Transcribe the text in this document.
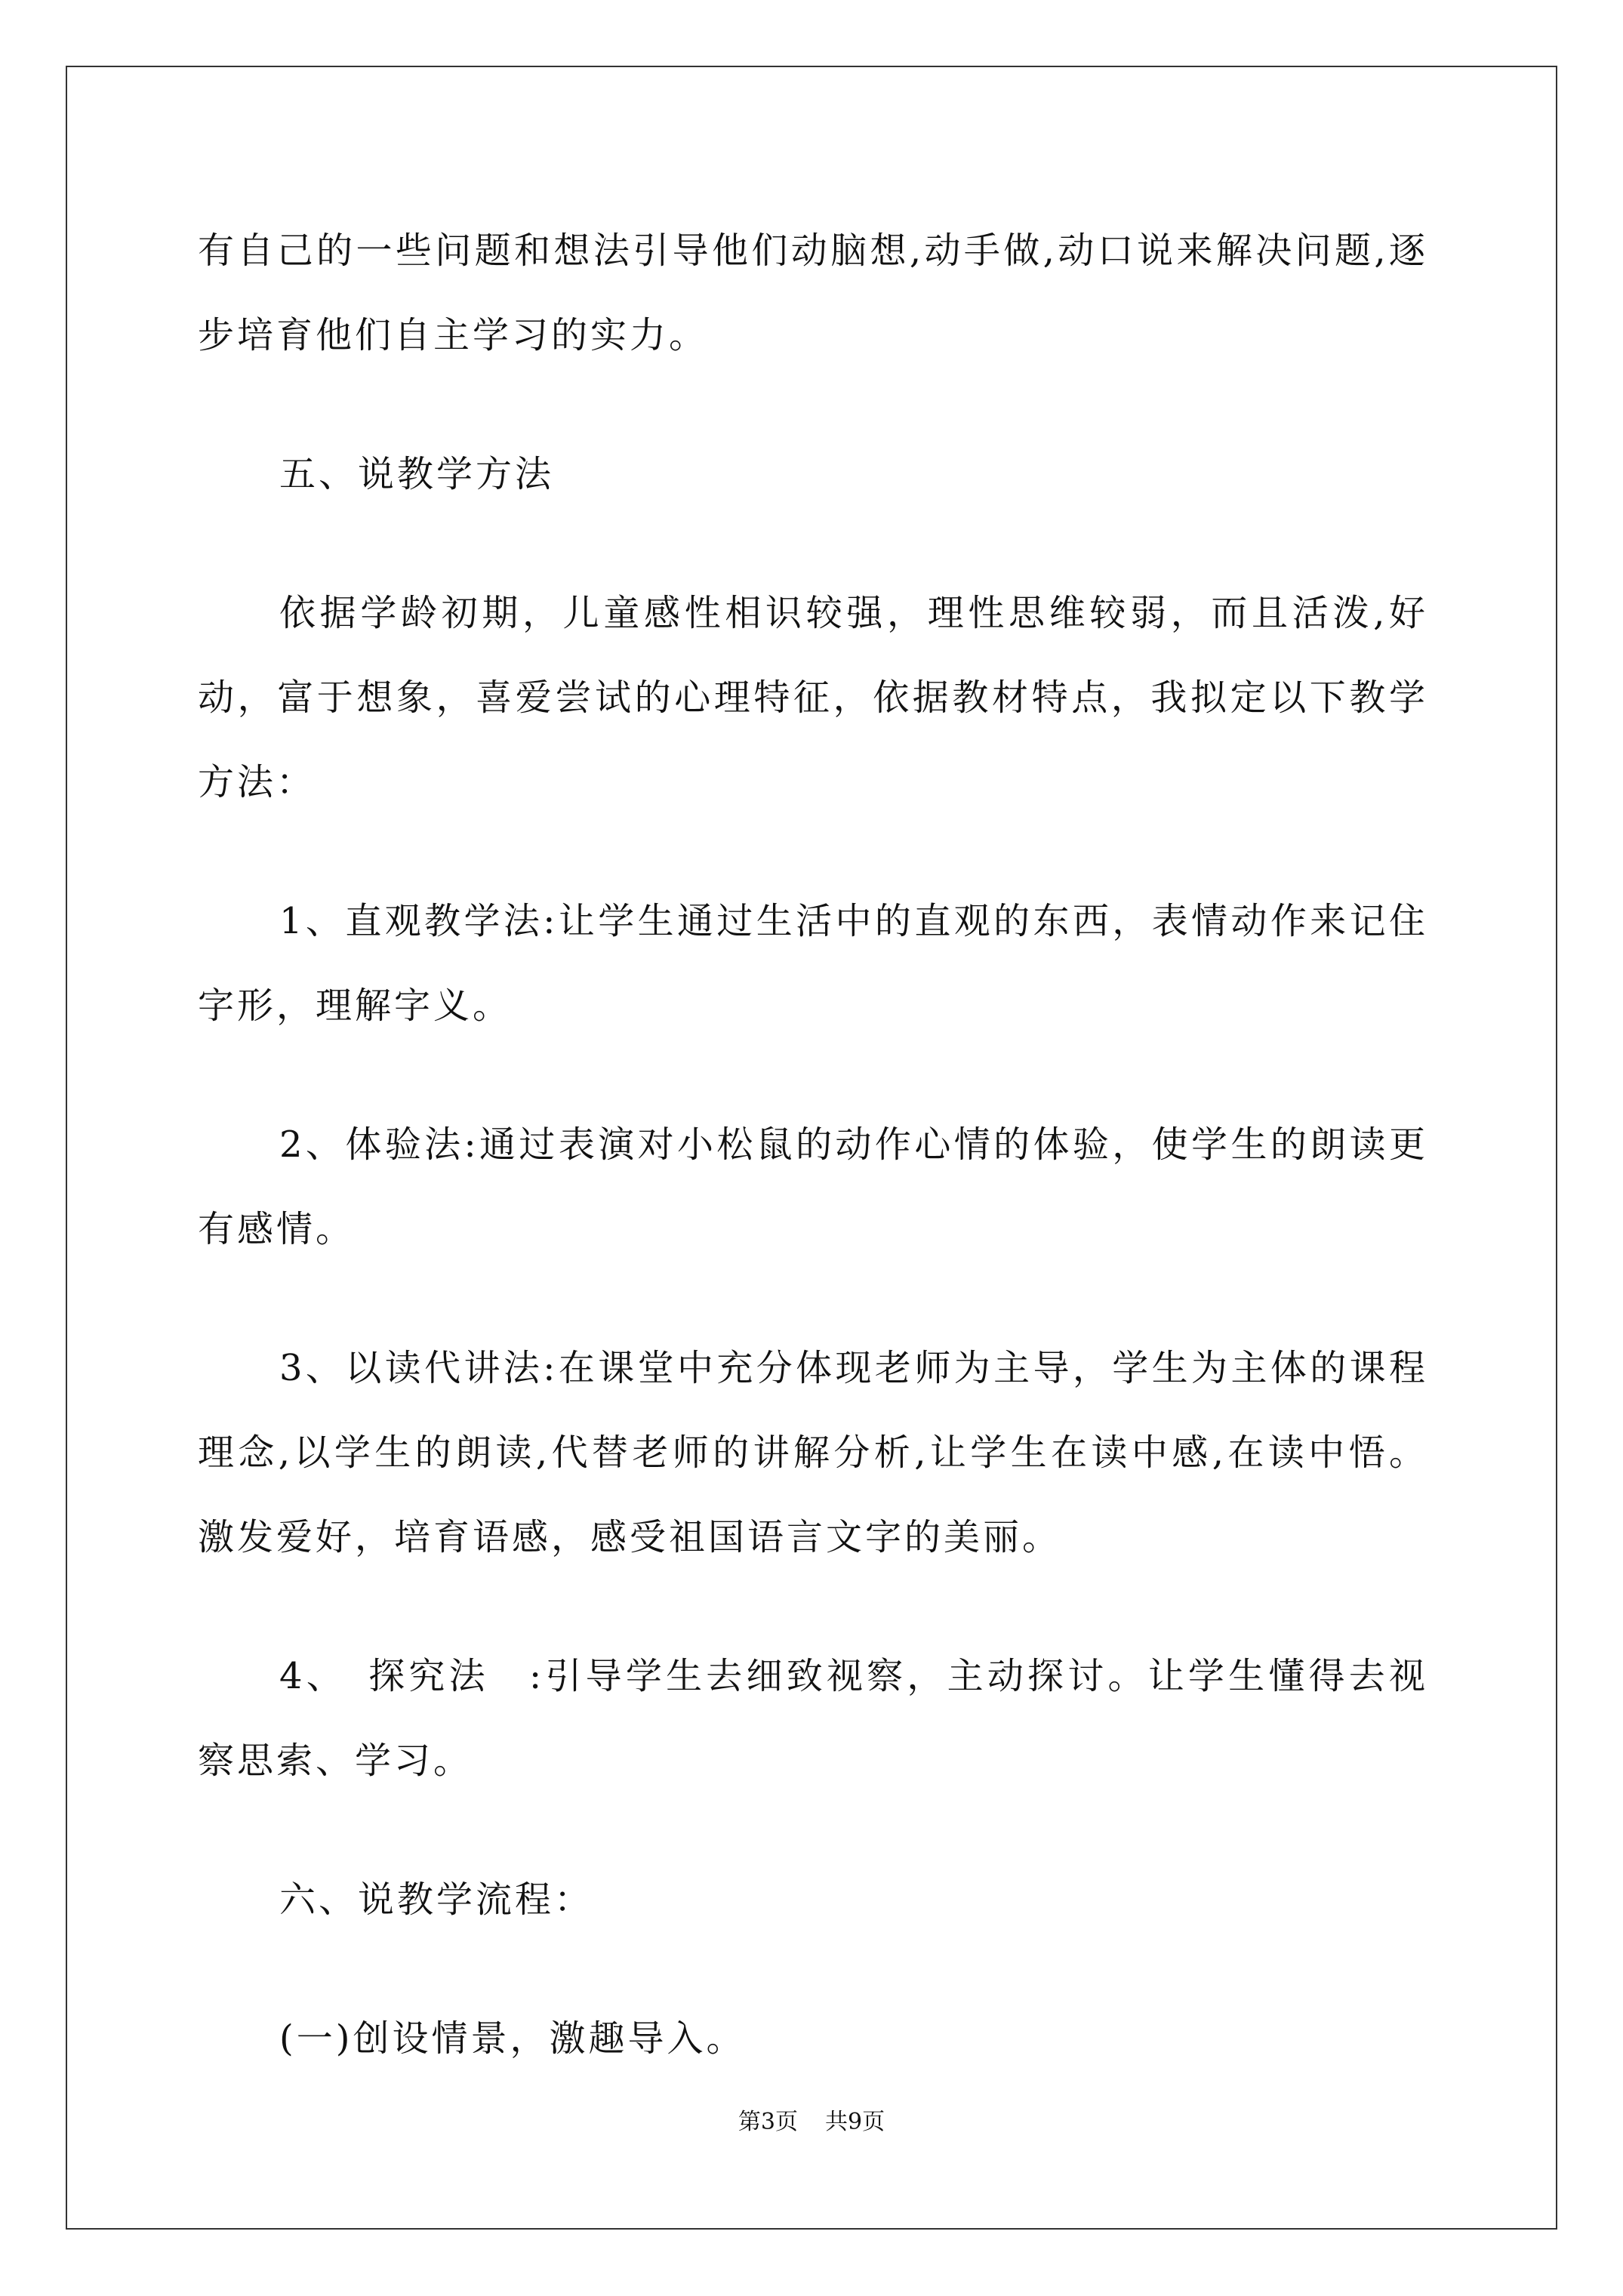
有自己的一些问题和想法引导他们动脑想,动手做,动口说来解决问题,逐步培育他们自主学习的实力。

五、说教学方法

依据学龄初期，儿童感性相识较强，理性思维较弱，而且活泼,好动，富于想象，喜爱尝试的心理特征，依据教材特点，我拟定以下教学方法：

1、直观教学法:让学生通过生活中的直观的东西，表情动作来记住字形，理解字义。

2、体验法:通过表演对小松鼠的动作心情的体验，使学生的朗读更有感情。

3、以读代讲法:在课堂中充分体现老师为主导，学生为主体的课程理念,以学生的朗读,代替老师的讲解分析,让学生在读中感,在读中悟。激发爱好，培育语感，感受祖国语言文字的美丽。

4、　探究法　:引导学生去细致视察，主动探讨。让学生懂得去视察思索、学习。

六、说教学流程：

(一)创设情景，激趣导入。

第3页 共9页
